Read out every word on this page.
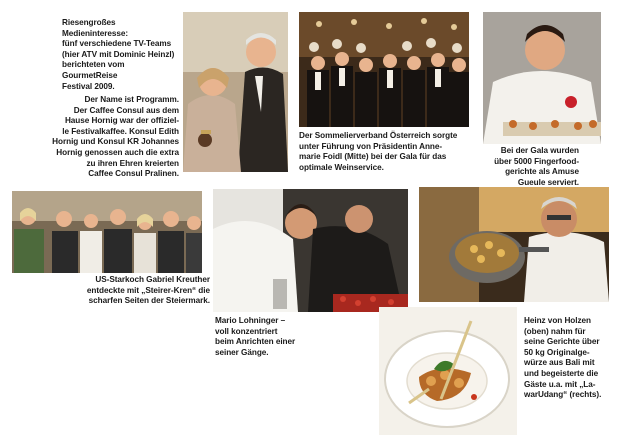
Riesengroßes Medieninteresse:
fünf verschiedene TV-Teams
(hier ATV mit Dominic Heinzl)
berichteten vom GourmetReise
Festival 2009.
Der Name ist Programm.
Der Caffee Consul aus dem
Hause Hornig war der offiziel-
le Festivalkaffee. Konsul Edith
Hornig und Konsul KR Johannes
Hornig genossen auch die extra
zu ihren Ehren kreierten
Caffee Consul Pralinen.
Der Sommelierverband Österreich sorgte
unter Führung von Präsidentin Anne-
marie Foidl (Mitte) bei der Gala für das
optimale Weinservice.
Bei der Gala wurden
über 5000 Fingerfood-
gerichte als Amuse
Gueule serviert.
US-Starkoch Gabriel Kreuther
entdeckte mit „Steirer-Kren“ die
scharfen Seiten der Steiermark.
Mario Lohninger –
voll konzentriert
beim Anrichten einer
seiner Gänge.
Heinz von Holzen
(oben) nahm für
seine Gerichte über
50 kg Originalge-
würze aus Bali mit
und begeisterte die
Gäste u.a. mit „La-
warUdang“ (rechts).
